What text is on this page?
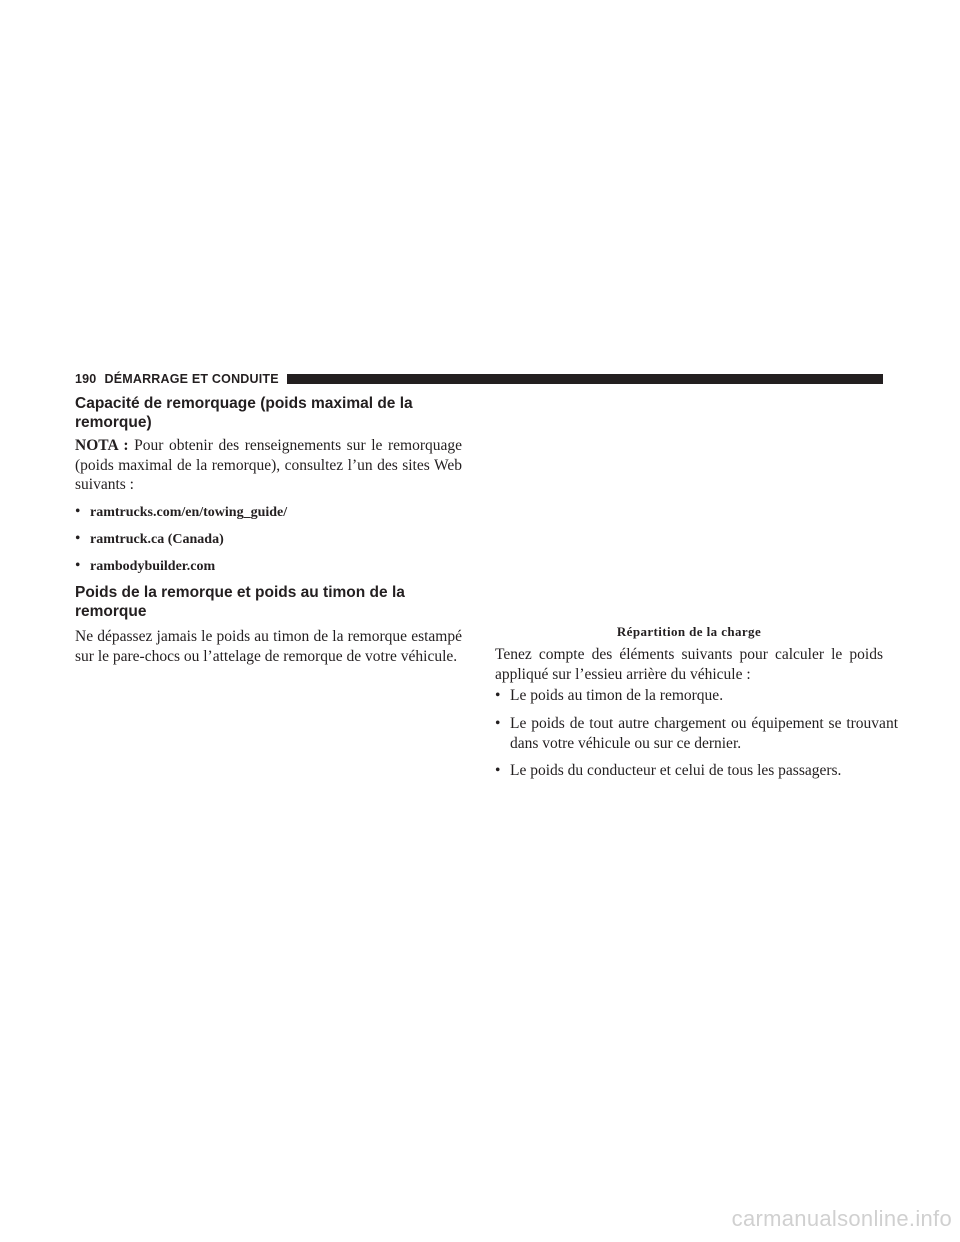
190 DÉMARRAGE ET CONDUITE
Capacité de remorquage (poids maximal de la remorque)

NOTA : Pour obtenir des renseignements sur le remorquage (poids maximal de la remorque), consultez l’un des sites Web suivants :

• ramtrucks.com/en/towing_guide/
• ramtruck.ca (Canada)
• rambodybuilder.com
Poids de la remorque et poids au timon de la remorque

Ne dépassez jamais le poids au timon de la remorque estampé sur le pare-chocs ou l’attelage de remorque de votre véhicule.

Répartition de la charge

Tenez compte des éléments suivants pour calculer le poids appliqué sur l’essieu arrière du véhicule :

• Le poids au timon de la remorque.
• Le poids de tout autre chargement ou équipement se trouvant dans votre véhicule ou sur ce dernier.
• Le poids du conducteur et celui de tous les passagers.
carmanualsonline.info
